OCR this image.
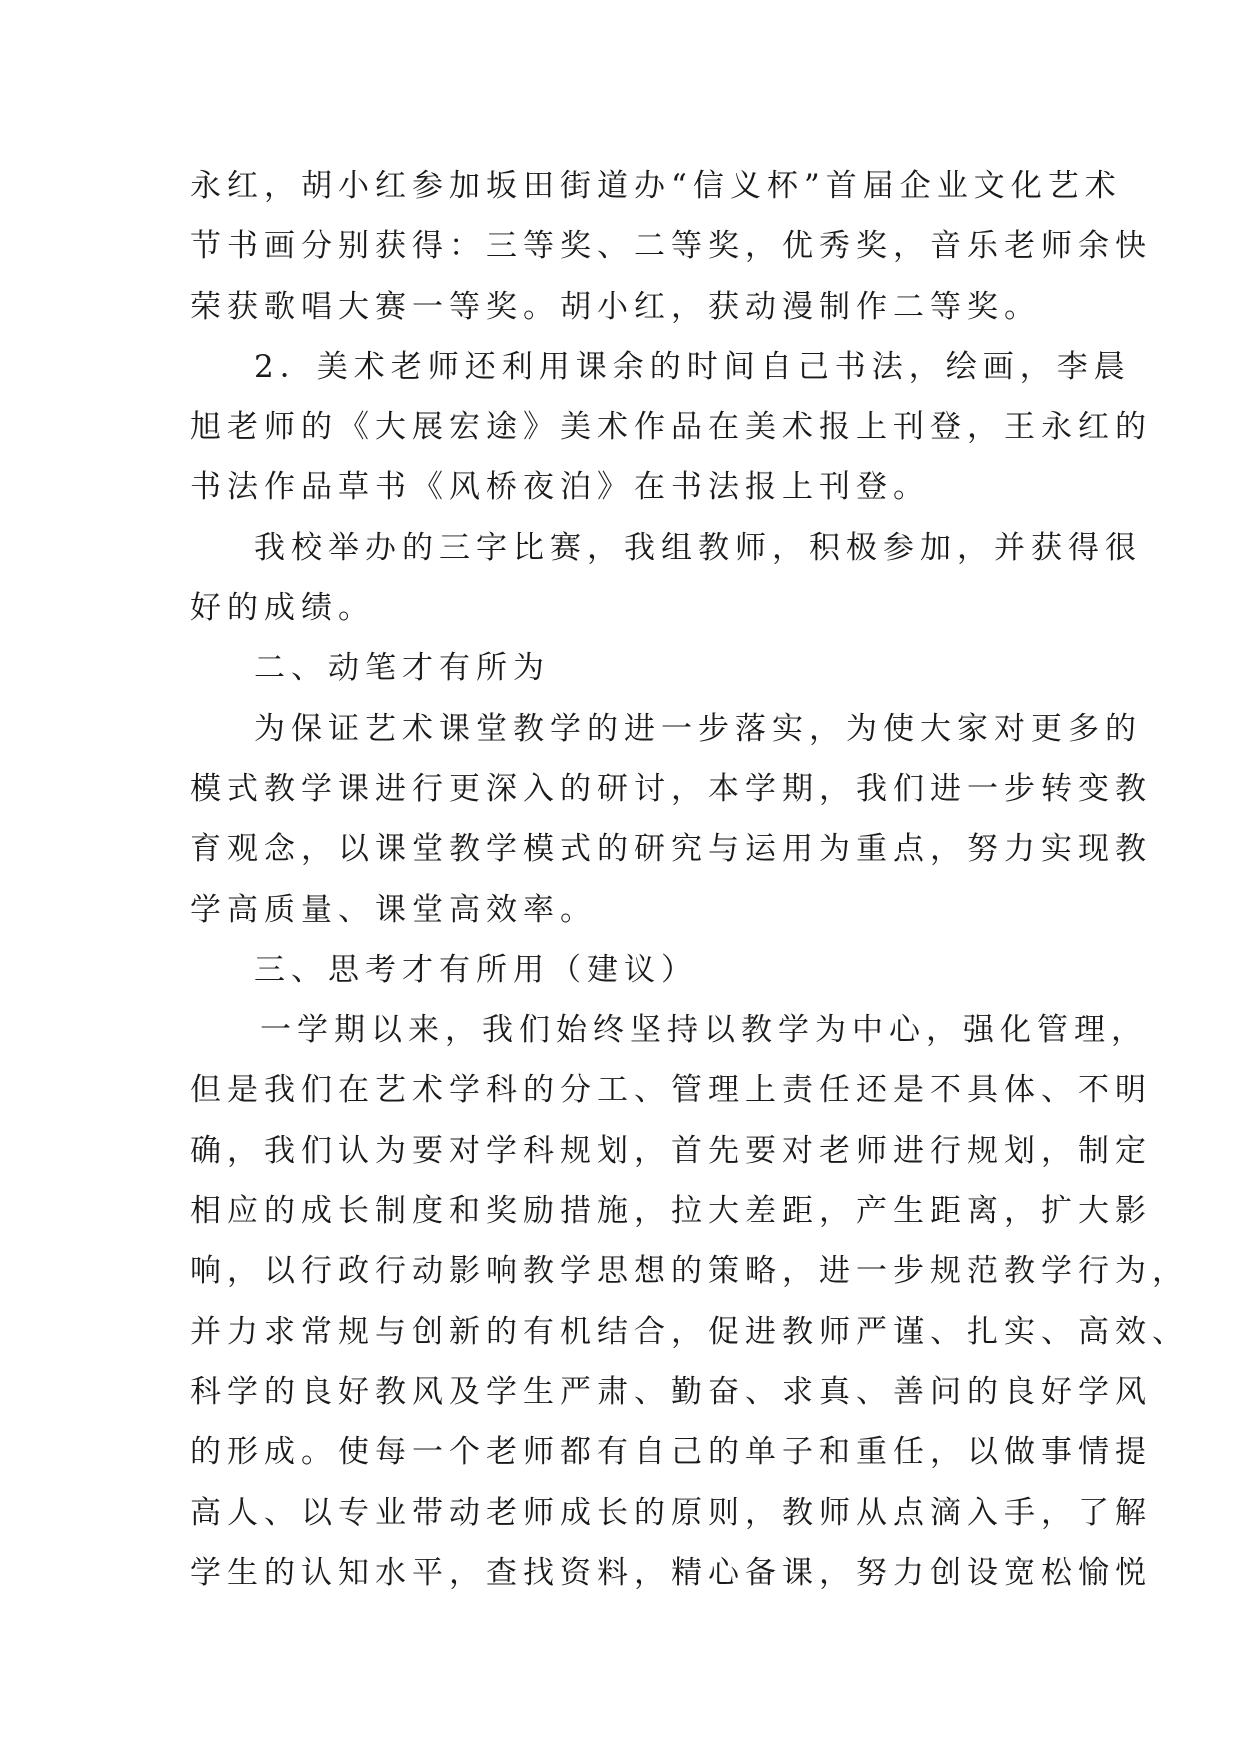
永红，胡小红参加坂田街道办“信义杯”首届企业文化艺术
节书画分别获得：三等奖、二等奖，优秀奖，音乐老师余快
荣获歌唱大赛一等奖。胡小红，获动漫制作二等奖。
2．美术老师还利用课余的时间自己书法，绘画，李晨
旭老师的《大展宏途》美术作品在美术报上刊登，王永红的
书法作品草书《风桥夜泊》在书法报上刊登。
我校举办的三字比赛，我组教师，积极参加，并获得很
好的成绩。
二、动笔才有所为
为保证艺术课堂教学的进一步落实，为使大家对更多的
模式教学课进行更深入的研讨，本学期，我们进一步转变教
育观念，以课堂教学模式的研究与运用为重点，努力实现教
学高质量、课堂高效率。
三、思考才有所用（建议）
一学期以来，我们始终坚持以教学为中心，强化管理，
但是我们在艺术学科的分工、管理上责任还是不具体、不明
确，我们认为要对学科规划，首先要对老师进行规划，制定
相应的成长制度和奖励措施，拉大差距，产生距离，扩大影
响，以行政行动影响教学思想的策略，进一步规范教学行为，
并力求常规与创新的有机结合，促进教师严谨、扎实、高效、
科学的良好教风及学生严肃、勤奋、求真、善问的良好学风
的形成。使每一个老师都有自己的单子和重任，以做事情提
高人、以专业带动老师成长的原则，教师从点滴入手，了解
学生的认知水平，查找资料，精心备课，努力创设宽松愉悦
